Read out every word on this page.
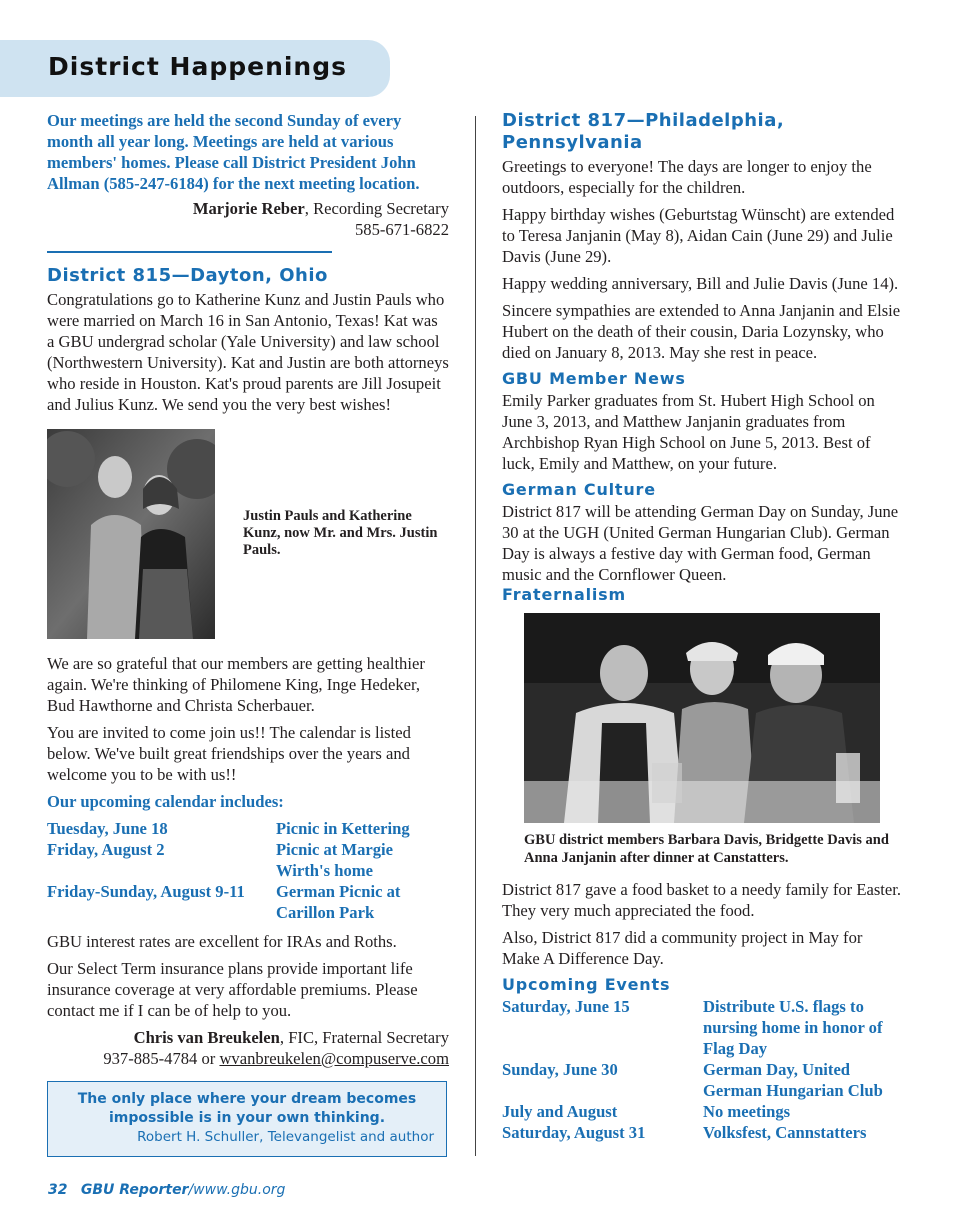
District Happenings

Our meetings are held the second Sunday of every month all year long. Meetings are held at various members' homes. Please call District President John Allman (585-247-6184) for the next meeting location.

Marjorie Reber, Recording Secretary

585-671-6822

District 815—Dayton, Ohio

Congratulations go to Katherine Kunz and Justin Pauls who were married on March 16 in San Antonio, Texas! Kat was a GBU undergrad scholar (Yale University) and law school (Northwestern University). Kat and Justin are both attorneys who reside in Houston. Kat's proud parents are Jill Josupeit and Julius Kunz. We send you the very best wishes!

Justin Pauls and Katherine Kunz, now Mr. and Mrs. Justin Pauls.

We are so grateful that our members are getting healthier again. We're thinking of Philomene King, Inge Hedeker, Bud Hawthorne and Christa Scherbauer.

You are invited to come join us!! The calendar is listed below. We've built great friendships over the years and welcome you to be with us!!

Our upcoming calendar includes:

Tuesday, June 18	Picnic in Kettering
Friday, August 2	Picnic at Margie Wirth's home
Friday-Sunday, August 9-11	German Picnic at Carillon Park

GBU interest rates are excellent for IRAs and Roths.

Our Select Term insurance plans provide important life insurance coverage at very affordable premiums. Please contact me if I can be of help to you.

Chris van Breukelen, FIC, Fraternal Secretary

937-885-4784 or wvanbreukelen@compuserve.com

The only place where your dream becomes impossible is in your own thinking.
Robert H. Schuller, Televangelist and author
District 817—Philadelphia, Pennsylvania

Greetings to everyone! The days are longer to enjoy the outdoors, especially for the children.

Happy birthday wishes (Geburtstag Wünscht) are extended to Teresa Janjanin (May 8), Aidan Cain (June 29) and Julie Davis (June 29).

Happy wedding anniversary, Bill and Julie Davis (June 14).

Sincere sympathies are extended to Anna Janjanin and Elsie Hubert on the death of their cousin, Daria Lozynsky, who died on January 8, 2013. May she rest in peace.

GBU Member News

Emily Parker graduates from St. Hubert High School on June 3, 2013, and Matthew Janjanin graduates from Archbishop Ryan High School on June 5, 2013. Best of luck, Emily and Matthew, on your future.

German Culture

District 817 will be attending German Day on Sunday, June 30 at the UGH (United German Hungarian Club). German Day is always a festive day with German food, German music and the Cornflower Queen.

Fraternalism

GBU district members Barbara Davis, Bridgette Davis and Anna Janjanin after dinner at Canstatters.

District 817 gave a food basket to a needy family for Easter. They very much appreciated the food.

Also, District 817 did a community project in May for Make A Difference Day.

Upcoming Events
Saturday, June 15	Distribute U.S. flags to nursing home in honor of Flag Day
Sunday, June 30	German Day, United German Hungarian Club
July and August	No meetings
Saturday, August 31	Volksfest, Cannstatters
32 GBU Reporter/www.gbu.org
